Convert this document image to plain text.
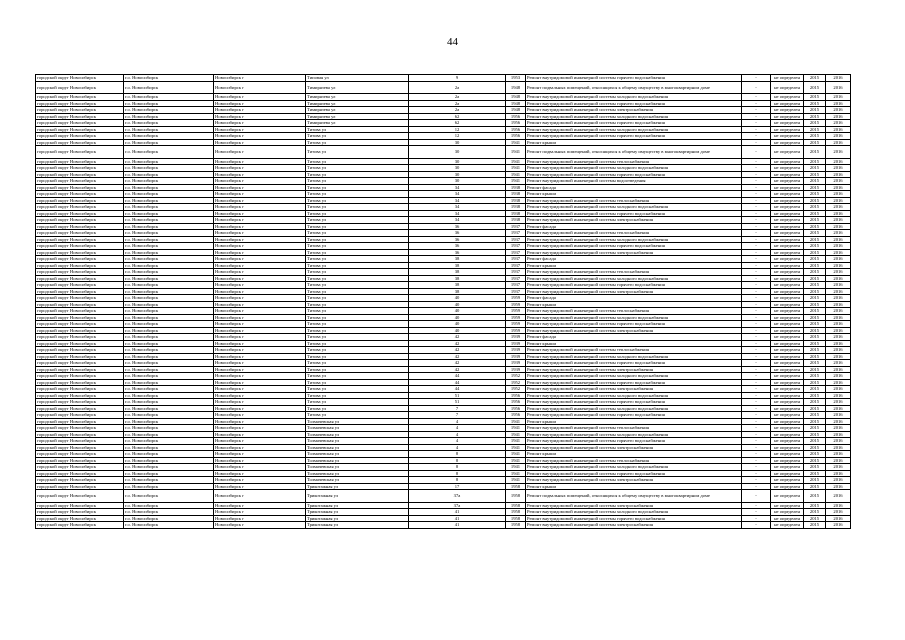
44
городской округ Новосибирск	г.о. Новосибирск	Новосибирск г	Типовая ул	9	1953	Ремонт внутридомовой инженерной системы горячего водоснабжения	-	не определен	2015	2016
городской округ Новосибирск	г.о. Новосибирск	Новосибирск г	Тимирязева ул	2а	1948	Ремонт подвальных помещений, относящихся к общему имуществу в многоквартирном доме	-	не определен	2015	2016
городской округ Новосибирск	г.о. Новосибирск	Новосибирск г	Тимирязева ул	2а	1948	Ремонт внутридомовой инженерной системы холодного водоснабжения	-	не определен	2015	2016
городской округ Новосибирск	г.о. Новосибирск	Новосибирск г	Тимирязева ул	2а	1948	Ремонт внутридомовой инженерной системы горячего водоснабжения	-	не определен	2015	2016
городской округ Новосибирск	г.о. Новосибирск	Новосибирск г	Тимирязева ул	2а	1948	Ремонт внутридомовой инженерной системы электроснабжения	-	не определен	2015	2016
городской округ Новосибирск	г.о. Новосибирск	Новосибирск г	Тимирязева ул	62	1956	Ремонт внутридомовой инженерной системы холодного водоснабжения	-	не определен	2015	2016
городской округ Новосибирск	г.о. Новосибирск	Новосибирск г	Тимирязева ул	62	1956	Ремонт внутридомовой инженерной системы горячего водоснабжения	-	не определен	2015	2016
городской округ Новосибирск	г.о. Новосибирск	Новосибирск г	Титова ул	12	1956	Ремонт внутридомовой инженерной системы холодного водоснабжения	-	не определен	2015	2016
городской округ Новосибирск	г.о. Новосибирск	Новосибирск г	Титова ул	12	1956	Ремонт внутридомовой инженерной системы горячего водоснабжения	-	не определен	2015	2016
городской округ Новосибирск	г.о. Новосибирск	Новосибирск г	Титова ул	30	1941	Ремонт крыши	-	не определен	2015	2016
городской округ Новосибирск	г.о. Новосибирск	Новосибирск г	Титова ул	30	1941	Ремонт подвальных помещений, относящихся к общему имуществу в многоквартирном доме	-	не определен	2015	2016
городской округ Новосибирск	г.о. Новосибирск	Новосибирск г	Титова ул	30	1941	Ремонт внутридомовой инженерной системы теплоснабжения	-	не определен	2015	2016
городской округ Новосибирск	г.о. Новосибирск	Новосибирск г	Титова ул	30	1941	Ремонт внутридомовой инженерной системы холодного водоснабжения	-	не определен	2015	2016
городской округ Новосибирск	г.о. Новосибирск	Новосибирск г	Титова ул	30	1941	Ремонт внутридомовой инженерной системы горячего водоснабжения	-	не определен	2015	2016
городской округ Новосибирск	г.о. Новосибирск	Новосибирск г	Титова ул	30	1941	Ремонт внутридомовой инженерной системы водоотведения	-	не определен	2015	2016
городской округ Новосибирск	г.о. Новосибирск	Новосибирск г	Титова ул	34	1938	Ремонт фасада	-	не определен	2015	2016
городской округ Новосибирск	г.о. Новосибирск	Новосибирск г	Титова ул	34	1938	Ремонт крыши	-	не определен	2015	2016
городской округ Новосибирск	г.о. Новосибирск	Новосибирск г	Титова ул	34	1938	Ремонт внутридомовой инженерной системы теплоснабжения	-	не определен	2015	2016
городской округ Новосибирск	г.о. Новосибирск	Новосибирск г	Титова ул	34	1938	Ремонт внутридомовой инженерной системы холодного водоснабжения	-	не определен	2015	2016
городской округ Новосибирск	г.о. Новосибирск	Новосибирск г	Титова ул	34	1938	Ремонт внутридомовой инженерной системы горячего водоснабжения	-	не определен	2015	2016
городской округ Новосибирск	г.о. Новосибирск	Новосибирск г	Титова ул	34	1938	Ремонт внутридомовой инженерной системы электроснабжения	-	не определен	2015	2016
городской округ Новосибирск	г.о. Новосибирск	Новосибирск г	Титова ул	36	1937	Ремонт фасада	-	не определен	2015	2016
городской округ Новосибирск	г.о. Новосибирск	Новосибирск г	Титова ул	36	1937	Ремонт внутридомовой инженерной системы теплоснабжения	-	не определен	2015	2016
городской округ Новосибирск	г.о. Новосибирск	Новосибирск г	Титова ул	36	1937	Ремонт внутридомовой инженерной системы холодного водоснабжения	-	не определен	2015	2016
городской округ Новосибирск	г.о. Новосибирск	Новосибирск г	Титова ул	36	1937	Ремонт внутридомовой инженерной системы горячего водоснабжения	-	не определен	2015	2016
городской округ Новосибирск	г.о. Новосибирск	Новосибирск г	Титова ул	36	1937	Ремонт внутридомовой инженерной системы электроснабжения	-	не определен	2015	2016
городской округ Новосибирск	г.о. Новосибирск	Новосибирск г	Титова ул	38	1937	Ремонт фасада	-	не определен	2015	2016
городской округ Новосибирск	г.о. Новосибирск	Новосибирск г	Титова ул	38	1937	Ремонт крыши	-	не определен	2015	2016
городской округ Новосибирск	г.о. Новосибирск	Новосибирск г	Титова ул	38	1937	Ремонт внутридомовой инженерной системы теплоснабжения	-	не определен	2015	2016
городской округ Новосибирск	г.о. Новосибирск	Новосибирск г	Титова ул	38	1937	Ремонт внутридомовой инженерной системы холодного водоснабжения	-	не определен	2015	2016
городской округ Новосибирск	г.о. Новосибирск	Новосибирск г	Титова ул	38	1937	Ремонт внутридомовой инженерной системы горячего водоснабжения	-	не определен	2015	2016
городской округ Новосибирск	г.о. Новосибирск	Новосибирск г	Титова ул	38	1937	Ремонт внутридомовой инженерной системы электроснабжения	-	не определен	2015	2016
городской округ Новосибирск	г.о. Новосибирск	Новосибирск г	Титова ул	40	1959	Ремонт фасада	-	не определен	2015	2016
городской округ Новосибирск	г.о. Новосибирск	Новосибирск г	Титова ул	40	1959	Ремонт крыши	-	не определен	2015	2016
городской округ Новосибирск	г.о. Новосибирск	Новосибирск г	Титова ул	40	1959	Ремонт внутридомовой инженерной системы теплоснабжения	-	не определен	2015	2016
городской округ Новосибирск	г.о. Новосибирск	Новосибирск г	Титова ул	40	1959	Ремонт внутридомовой инженерной системы холодного водоснабжения	-	не определен	2015	2016
городской округ Новосибирск	г.о. Новосибирск	Новосибирск г	Титова ул	40	1959	Ремонт внутридомовой инженерной системы горячего водоснабжения	-	не определен	2015	2016
городской округ Новосибирск	г.о. Новосибирск	Новосибирск г	Титова ул	40	1959	Ремонт внутридомовой инженерной системы электроснабжения	-	не определен	2015	2016
городской округ Новосибирск	г.о. Новосибирск	Новосибирск г	Титова ул	42	1939	Ремонт фасада	-	не определен	2015	2016
городской округ Новосибирск	г.о. Новосибирск	Новосибирск г	Титова ул	42	1939	Ремонт крыши	-	не определен	2015	2016
городской округ Новосибирск	г.о. Новосибирск	Новосибирск г	Титова ул	42	1939	Ремонт внутридомовой инженерной системы теплоснабжения	-	не определен	2015	2016
городской округ Новосибирск	г.о. Новосибирск	Новосибирск г	Титова ул	42	1939	Ремонт внутридомовой инженерной системы холодного водоснабжения	-	не определен	2015	2016
городской округ Новосибирск	г.о. Новосибирск	Новосибирск г	Титова ул	42	1939	Ремонт внутридомовой инженерной системы горячего водоснабжения	-	не определен	2015	2016
городской округ Новосибирск	г.о. Новосибирск	Новосибирск г	Титова ул	42	1939	Ремонт внутридомовой инженерной системы электроснабжения	-	не определен	2015	2016
городской округ Новосибирск	г.о. Новосибирск	Новосибирск г	Титова ул	44	1952	Ремонт внутридомовой инженерной системы холодного водоснабжения	-	не определен	2015	2016
городской округ Новосибирск	г.о. Новосибирск	Новосибирск г	Титова ул	44	1952	Ремонт внутридомовой инженерной системы горячего водоснабжения	-	не определен	2015	2016
городской округ Новосибирск	г.о. Новосибирск	Новосибирск г	Титова ул	44	1952	Ремонт внутридомовой инженерной системы электроснабжения	-	не определен	2015	2016
городской округ Новосибирск	г.о. Новосибирск	Новосибирск г	Титова ул	51	1956	Ремонт внутридомовой инженерной системы холодного водоснабжения	-	не определен	2015	2016
городской округ Новосибирск	г.о. Новосибирск	Новосибирск г	Титова ул	51	1956	Ремонт внутридомовой инженерной системы горячего водоснабжения	-	не определен	2015	2016
городской округ Новосибирск	г.о. Новосибирск	Новосибирск г	Титова ул	7	1956	Ремонт внутридомовой инженерной системы холодного водоснабжения	-	не определен	2015	2016
городской округ Новосибирск	г.о. Новосибирск	Новосибирск г	Титова ул	7	1956	Ремонт внутридомовой инженерной системы горячего водоснабжения	-	не определен	2015	2016
городской округ Новосибирск	г.о. Новосибирск	Новосибирск г	Толмачевская ул	4	1941	Ремонт крыши	-	не определен	2015	2016
городской округ Новосибирск	г.о. Новосибирск	Новосибирск г	Толмачевская ул	4	1941	Ремонт внутридомовой инженерной системы теплоснабжения	-	не определен	2015	2016
городской округ Новосибирск	г.о. Новосибирск	Новосибирск г	Толмачевская ул	4	1941	Ремонт внутридомовой инженерной системы холодного водоснабжения	-	не определен	2015	2016
городской округ Новосибирск	г.о. Новосибирск	Новосибирск г	Толмачевская ул	4	1941	Ремонт внутридомовой инженерной системы горячего водоснабжения	-	не определен	2015	2016
городской округ Новосибирск	г.о. Новосибирск	Новосибирск г	Толмачевская ул	4	1941	Ремонт внутридомовой инженерной системы электроснабжения	-	не определен	2015	2016
городской округ Новосибирск	г.о. Новосибирск	Новосибирск г	Толмачевская ул	8	1941	Ремонт крыши	-	не определен	2015	2016
городской округ Новосибирск	г.о. Новосибирск	Новосибирск г	Толмачевская ул	8	1941	Ремонт внутридомовой инженерной системы теплоснабжения	-	не определен	2015	2016
городской округ Новосибирск	г.о. Новосибирск	Новосибирск г	Толмачевская ул	8	1941	Ремонт внутридомовой инженерной системы холодного водоснабжения	-	не определен	2015	2016
городской округ Новосибирск	г.о. Новосибирск	Новосибирск г	Толмачевская ул	8	1941	Ремонт внутридомовой инженерной системы горячего водоснабжения	-	не определен	2015	2016
городской округ Новосибирск	г.о. Новосибирск	Новосибирск г	Толмачевская ул	8	1941	Ремонт внутридомовой инженерной системы электроснабжения	-	не определен	2015	2016
городской округ Новосибирск	г.о. Новосибирск	Новосибирск г	Трикотажная ул	17	1958	Ремонт крыши	-	не определен	2015	2016
городской округ Новосибирск	г.о. Новосибирск	Новосибирск г	Трикотажная ул	37а	1958	Ремонт подвальных помещений, относящихся к общему имуществу в многоквартирном доме	-	не определен	2015	2016
городской округ Новосибирск	г.о. Новосибирск	Новосибирск г	Трикотажная ул	37а	1958	Ремонт внутридомовой инженерной системы электроснабжения	-	не определен	2015	2016
городской округ Новосибирск	г.о. Новосибирск	Новосибирск г	Трикотажная ул	41	1958	Ремонт внутридомовой инженерной системы холодного водоснабжения	-	не определен	2015	2016
городской округ Новосибирск	г.о. Новосибирск	Новосибирск г	Трикотажная ул	41	1958	Ремонт внутридомовой инженерной системы горячего водоснабжения	-	не определен	2015	2016
городской округ Новосибирск	г.о. Новосибирск	Новосибирск г	Трикотажная ул	41	1958	Ремонт внутридомовой инженерной системы электроснабжения	-	не определен	2015	2016
